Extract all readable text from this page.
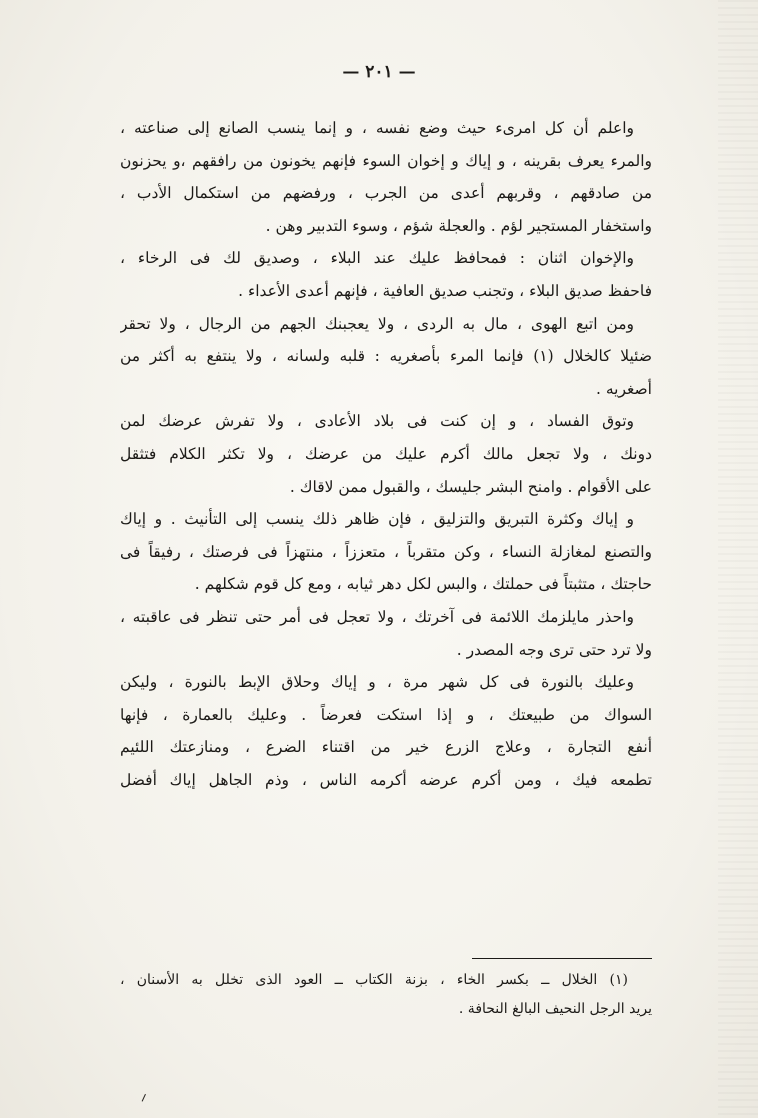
— ٢٠١ —
واعلم أن كل امرىء حيث وضع نفسه ، و إنما ينسب الصانع إلى صناعته ،
والمرء يعرف بقرينه ، و إياك و إخوان السوء فإنهم يخونون من رافقهم ،و يحزنون
من صادقهم ، وقربهم أعدى من الجرب ، ورفضهم من استكمال الأدب ،
واستخفار المستجير لؤم . والعجلة شؤم ، وسوء التدبير وهن .
والإخوان اثنان : فمحافظ عليك عند البلاء ، وصديق لك فى الرخاء ،
فاحفظ صديق البلاء ، وتجنب صديق العافية ، فإنهم أعدى الأعداء .
ومن اتبع الهوى ، مال به الردى ، ولا يعجبنك الجهم من الرجال ، ولا تحقر
ضئيلا كالخلال (١) فإنما المرء بأصغريه : قلبه ولسانه ، ولا ينتفع به أكثر من
أصغريه .
وتوق الفساد ، و إن كنت فى بلاد الأعادى ، ولا تفرش عرضك لمن
دونك ، ولا تجعل مالك أكرم عليك من عرضك ، ولا تكثر الكلام فتثقل
على الأقوام . وامنح البشر جليسك ، والقبول ممن لاقاك .
و إياك وكثرة التبريق والتزليق ، فإن ظاهر ذلك ينسب إلى التأنيث . و إياك
والتصنع لمغازلة النساء ، وكن متقرباً ، متعززاً ، منتهزاً فى فرصتك ، رفيقاً فى
حاجتك ، متثبتاً فى حملتك ، والبس لكل دهر ثيابه ، ومع كل قوم شكلهم .
واحذر مايلزمك اللائمة فى آخرتك ، ولا تعجل فى أمر حتى تنظر فى عاقبته ،
ولا ترد حتى ترى وجه المصدر .
وعليك بالنورة فى كل شهر مرة ، و إياك وحلاق الإبط بالنورة ، وليكن
السواك من طبيعتك ، و إذا استكت فعرضاً . وعليك بالعمارة ، فإنها
أنفع التجارة ، وعلاج الزرع خير من اقتناء الضرع ، ومنازعتك اللئيم
تطمعه فيك ، ومن أكرم عرضه أكرمه الناس ، وذم الجاهل إياك أفضل
(١) الخلال ــ بكسر الخاء ، بزنة الكتاب ــ العود الذى تخلل به الأسنان ،
يريد الرجل النحيف البالغ النحافة .
